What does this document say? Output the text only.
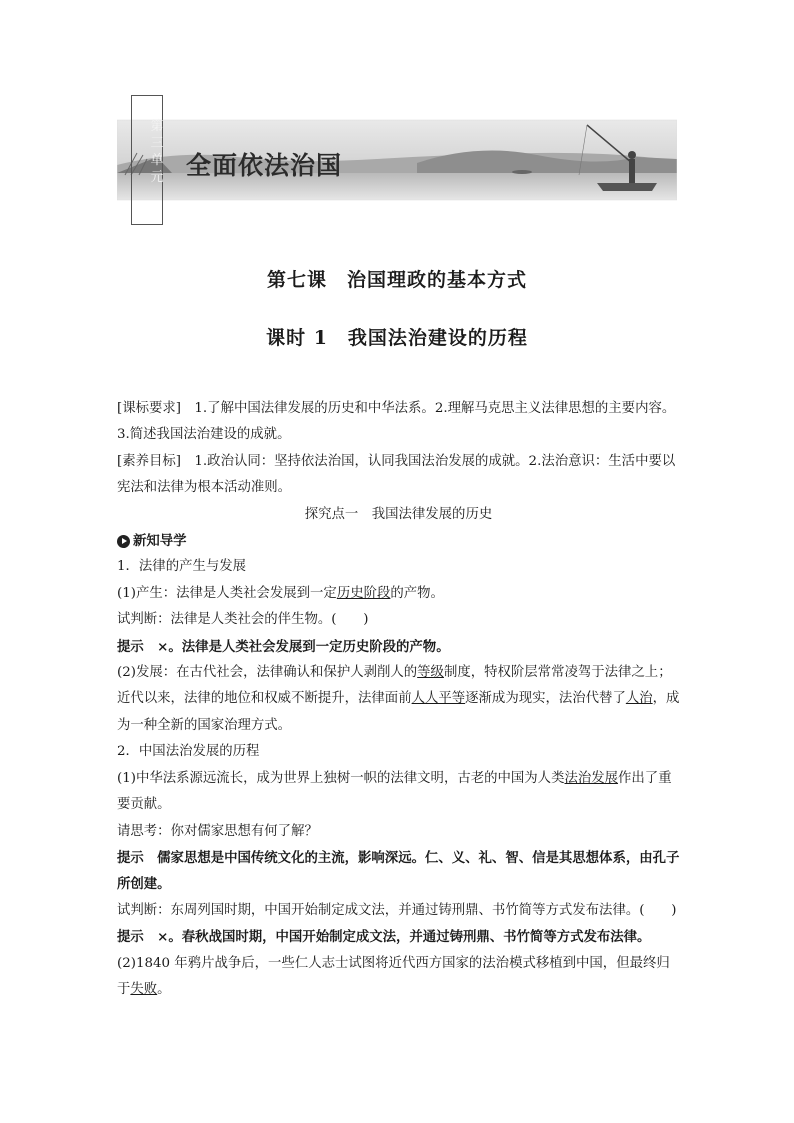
第三单元 全面依法治国
第七课　治国理政的基本方式
课时 1　我国法治建设的历程

[课标要求]　1.了解中国法律发展的历史和中华法系。2.理解马克思主义法律思想的主要内容。3.简述我国法治建设的成就。

[素养目标]　1.政治认同：坚持依法治国，认同我国法治发展的成就。2.法治意识：生活中要以宪法和法律为根本活动准则。

探究点一　我国法律发展的历史

新知导学

1．法律的产生与发展

(1)产生：法律是人类社会发展到一定历史阶段的产物。

试判断：法律是人类社会的伴生物。(　　)

提示　×。法律是人类社会发展到一定历史阶段的产物。

(2)发展：在古代社会，法律确认和保护人剥削人的等级制度，特权阶层常常凌驾于法律之上；近代以来，法律的地位和权威不断提升，法律面前人人平等逐渐成为现实，法治代替了人治，成为一种全新的国家治理方式。

2．中国法治发展的历程

(1)中华法系源远流长，成为世界上独树一帜的法律文明，古老的中国为人类法治发展作出了重要贡献。

请思考：你对儒家思想有何了解？

提示　儒家思想是中国传统文化的主流，影响深远。仁、义、礼、智、信是其思想体系，由孔子所创建。

试判断：东周列国时期，中国开始制定成文法，并通过铸刑鼎、书竹简等方式发布法律。(　　)

提示　×。春秋战国时期，中国开始制定成文法，并通过铸刑鼎、书竹简等方式发布法律。

(2)1840 年鸦片战争后，一些仁人志士试图将近代西方国家的法治模式移植到中国，但最终归于失败。
